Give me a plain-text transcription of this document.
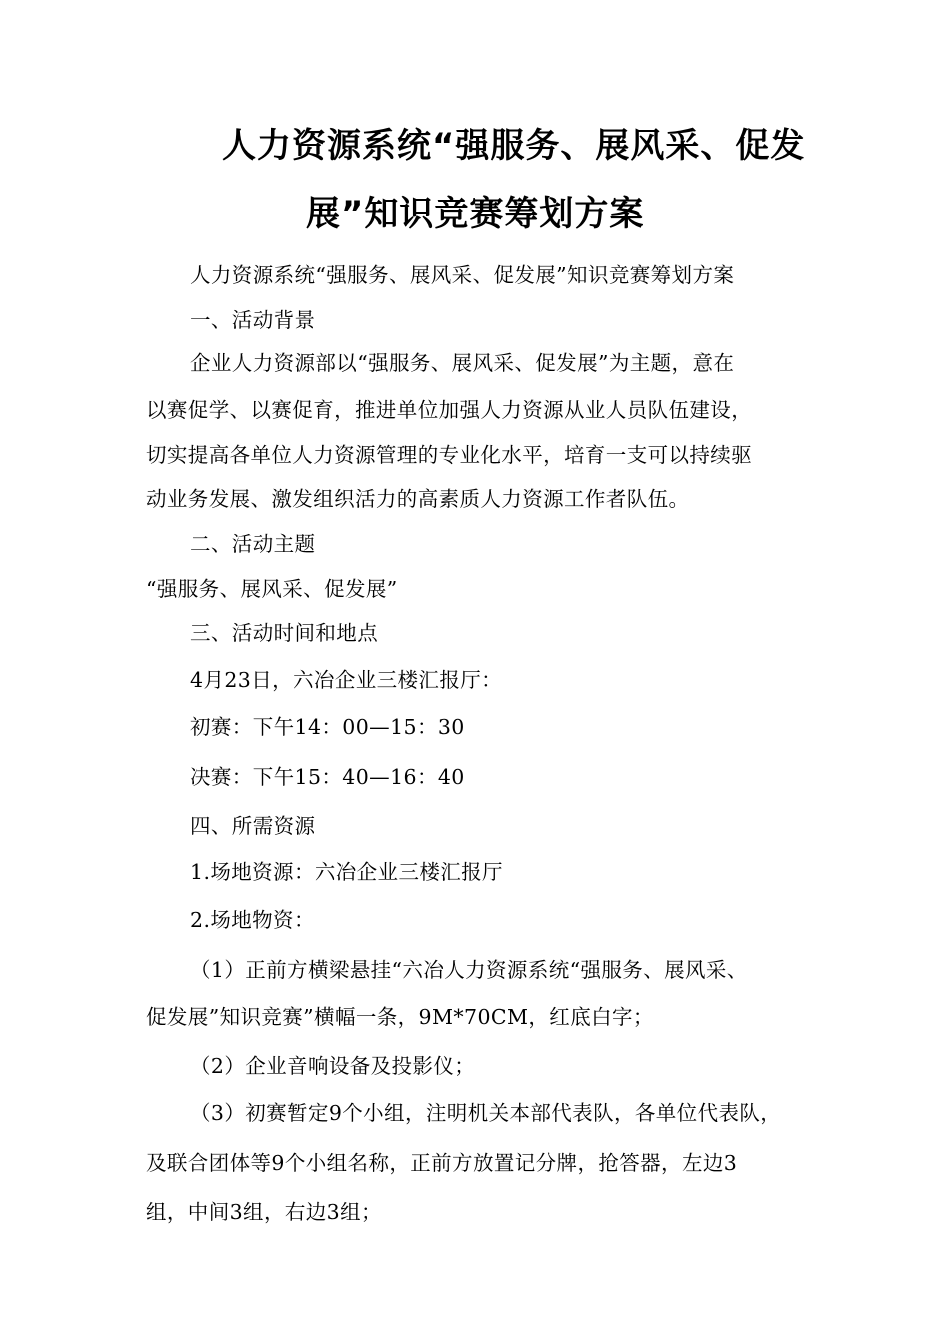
人力资源系统“强服务、展风采、促发
展”知识竞赛筹划方案
人力资源系统“强服务、展风采、促发展”知识竞赛筹划方案
一、活动背景
企业人力资源部以“强服务、展风采、促发展”为主题，意在
以赛促学、以赛促育，推进单位加强人力资源从业人员队伍建设，
切实提高各单位人力资源管理的专业化水平，培育一支可以持续驱
动业务发展、激发组织活力的高素质人力资源工作者队伍。
二、活动主题
“强服务、展风采、促发展”
三、活动时间和地点
4月23日，六冶企业三楼汇报厅：
初赛：下午14：00—15：30
决赛：下午15：40—16：40
四、所需资源
1.场地资源：六冶企业三楼汇报厅
2.场地物资：
（1）正前方横梁悬挂“六冶人力资源系统“强服务、展风采、
促发展”知识竞赛”横幅一条，9M*70CM，红底白字；
（2）企业音响设备及投影仪；
（3）初赛暂定9个小组，注明机关本部代表队，各单位代表队，
及联合团体等9个小组名称，正前方放置记分牌，抢答器，左边3
组，中间3组，右边3组；
